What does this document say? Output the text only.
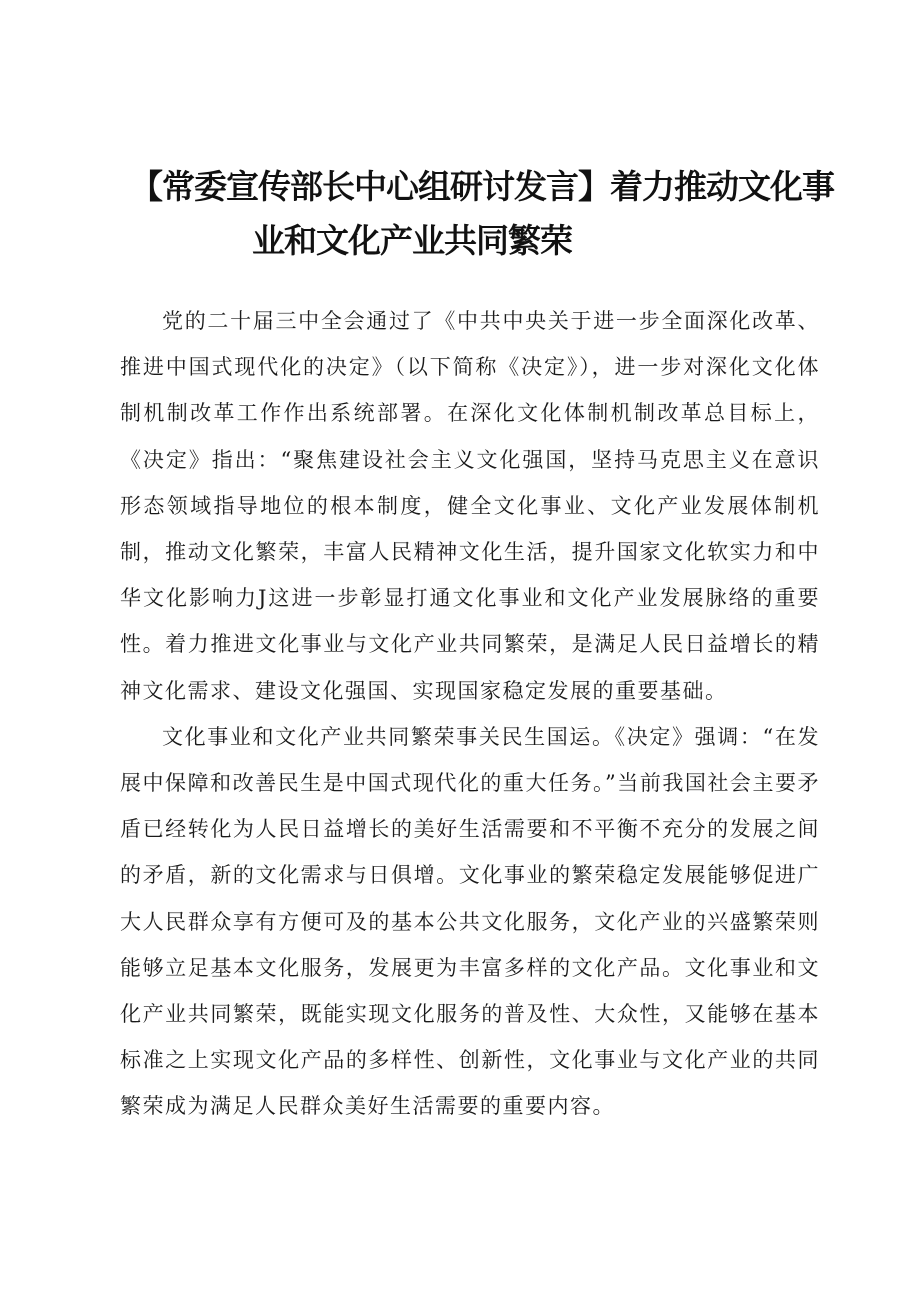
【常委宣传部长中心组研讨发言】着力推动文化事
业和文化产业共同繁荣

党的二十届三中全会通过了《中共中央关于进一步全面深化改革、推进中国式现代化的决定》（以下简称《决定》），进一步对深化文化体制机制改革工作作出系统部署。在深化文化体制机制改革总目标上，《决定》指出：“聚焦建设社会主义文化强国，坚持马克思主义在意识形态领域指导地位的根本制度，健全文化事业、文化产业发展体制机制，推动文化繁荣，丰富人民精神文化生活，提升国家文化软实力和中华文化影响力J这进一步彰显打通文化事业和文化产业发展脉络的重要性。着力推进文化事业与文化产业共同繁荣，是满足人民日益增长的精神文化需求、建设文化强国、实现国家稳定发展的重要基础。

文化事业和文化产业共同繁荣事关民生国运。《决定》强调：“在发展中保障和改善民生是中国式现代化的重大任务。”当前我国社会主要矛盾已经转化为人民日益增长的美好生活需要和不平衡不充分的发展之间的矛盾，新的文化需求与日俱增。文化事业的繁荣稳定发展能够促进广大人民群众享有方便可及的基本公共文化服务，文化产业的兴盛繁荣则能够立足基本文化服务，发展更为丰富多样的文化产品。文化事业和文化产业共同繁荣，既能实现文化服务的普及性、大众性，又能够在基本标准之上实现文化产品的多样性、创新性，文化事业与文化产业的共同繁荣成为满足人民群众美好生活需要的重要内容。
